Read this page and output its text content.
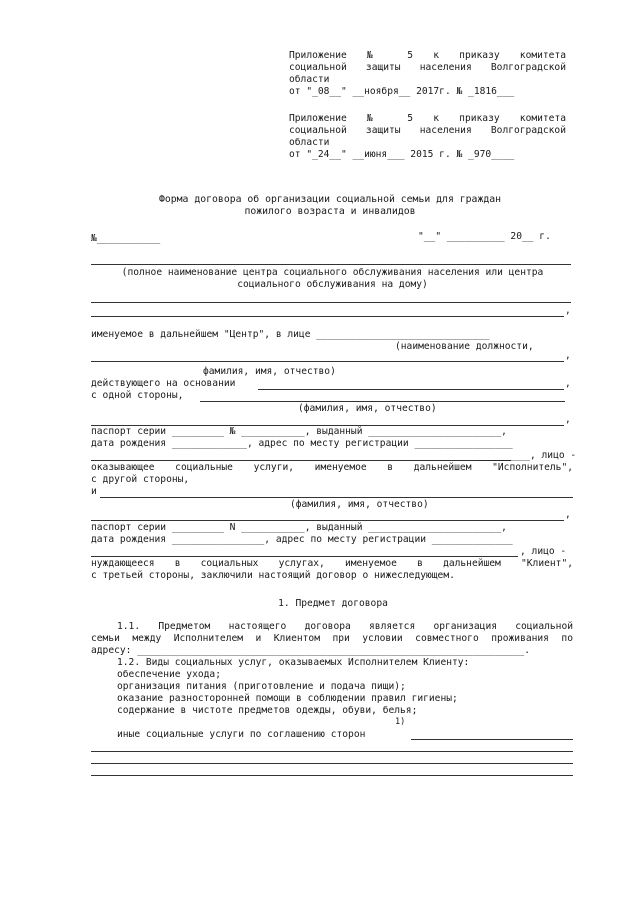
Приложение № 5 к приказу комитета
социальной защиты населения Волгоградской
области
от "_08__" __ноября__ 2017г. № _1816___
Приложение № 5 к приказу комитета
социальной защиты населения Волгоградской
области
от "_24__" __июня___ 2015 г. № _970____
Форма договора об организации социальной семьи для граждан
пожилого возраста и инвалидов
№___________	"__" __________ 20__ г.
(полное наименование центра социального обслуживания населения или центра
социального обслуживания на дому)
,
именуемое в дальнейшем "Центр", в лице ______________________________
(наименование должности,
,
фамилия, имя, отчество)
действующего на основании	,
с одной стороны,
(фамилия, имя, отчество)
,
паспорт серии _________ № ___________, выданный _______________________,
дата рождения _____________, адрес по месту регистрации _________________
_________, лицо -
оказывающее социальные услуги, именуемое в дальнейшем "Исполнитель",
с другой стороны,
и
(фамилия, имя, отчество)
,
паспорт серии _________ N ___________, выданный _______________________,
дата рождения ________________, адрес по месту регистрации ______________
, лицо -
нуждающееся в социальных услугах, именуемое в дальнейшем "Клиент",
с третьей стороны, заключили настоящий договор о нижеследующем.
1. Предмет договора
1.1. Предметом настоящего договора является организация социальной
семьи между Исполнителем и Клиентом при условии совместного проживания по
адресу: ___________________________________________________________________.
1.2. Виды социальных услуг, оказываемых Исполнителем Клиенту:
обеспечение ухода;
организация питания (приготовление и подача пищи);
оказание разносторонней помощи в соблюдении правил гигиены;
содержание в чистоте предметов одежды, обуви, белья;
1)
иные социальные услуги по соглашению сторон
